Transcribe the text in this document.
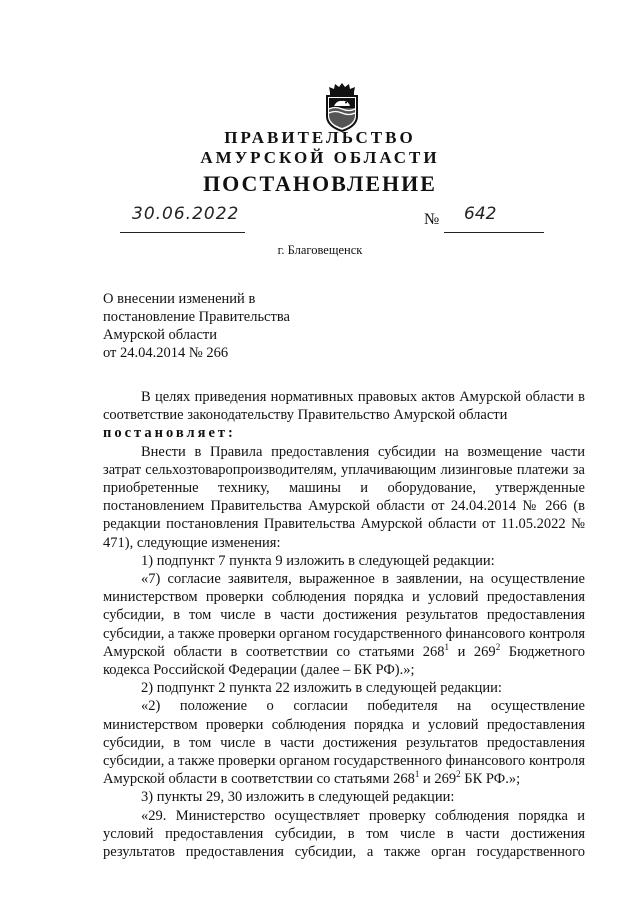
ПРАВИТЕЛЬСТВО
АМУРСКОЙ ОБЛАСТИ
ПОСТАНОВЛЕНИЕ
30.06.2022	№ 642
г. Благовещенск
О внесении изменений в
постановление Правительства
Амурской области
от 24.04.2014 № 266

В целях приведения нормативных правовых актов Амурской области в соответствие законодательству Правительство Амурской области

постановляет:

Внести в Правила предоставления субсидии на возмещение части затрат сельхозтоваропроизводителям, уплачивающим лизинговые платежи за приобретенные технику, машины и оборудование, утвержденные постановлением Правительства Амурской области от 24.04.2014 № 266 (в редакции постановления Правительства Амурской области от 11.05.2022 № 471), следующие изменения:

1) подпункт 7 пункта 9 изложить в следующей редакции:

«7) согласие заявителя, выраженное в заявлении, на осуществление министерством проверки соблюдения порядка и условий предоставления субсидии, в том числе в части достижения результатов предоставления субсидии, а также проверки органом государственного финансового контроля Амурской области в соответствии со статьями $268^1$ и $269^2$ Бюджетного кодекса Российской Федерации (далее – БК РФ).»;

2) подпункт 2 пункта 22 изложить в следующей редакции:

«2) положение о согласии победителя на осуществление министерством проверки соблюдения порядка и условий предоставления субсидии, в том числе в части достижения результатов предоставления субсидии, а также проверки органом государственного финансового контроля Амурской области в соответствии со статьями $268^1$ и $269^2$ БК РФ.»;

3) пункты 29, 30 изложить в следующей редакции:

«29. Министерство осуществляет проверку соблюдения порядка и условий предоставления субсидии, в том числе в части достижения результатов предоставления субсидии, а также орган государственного
